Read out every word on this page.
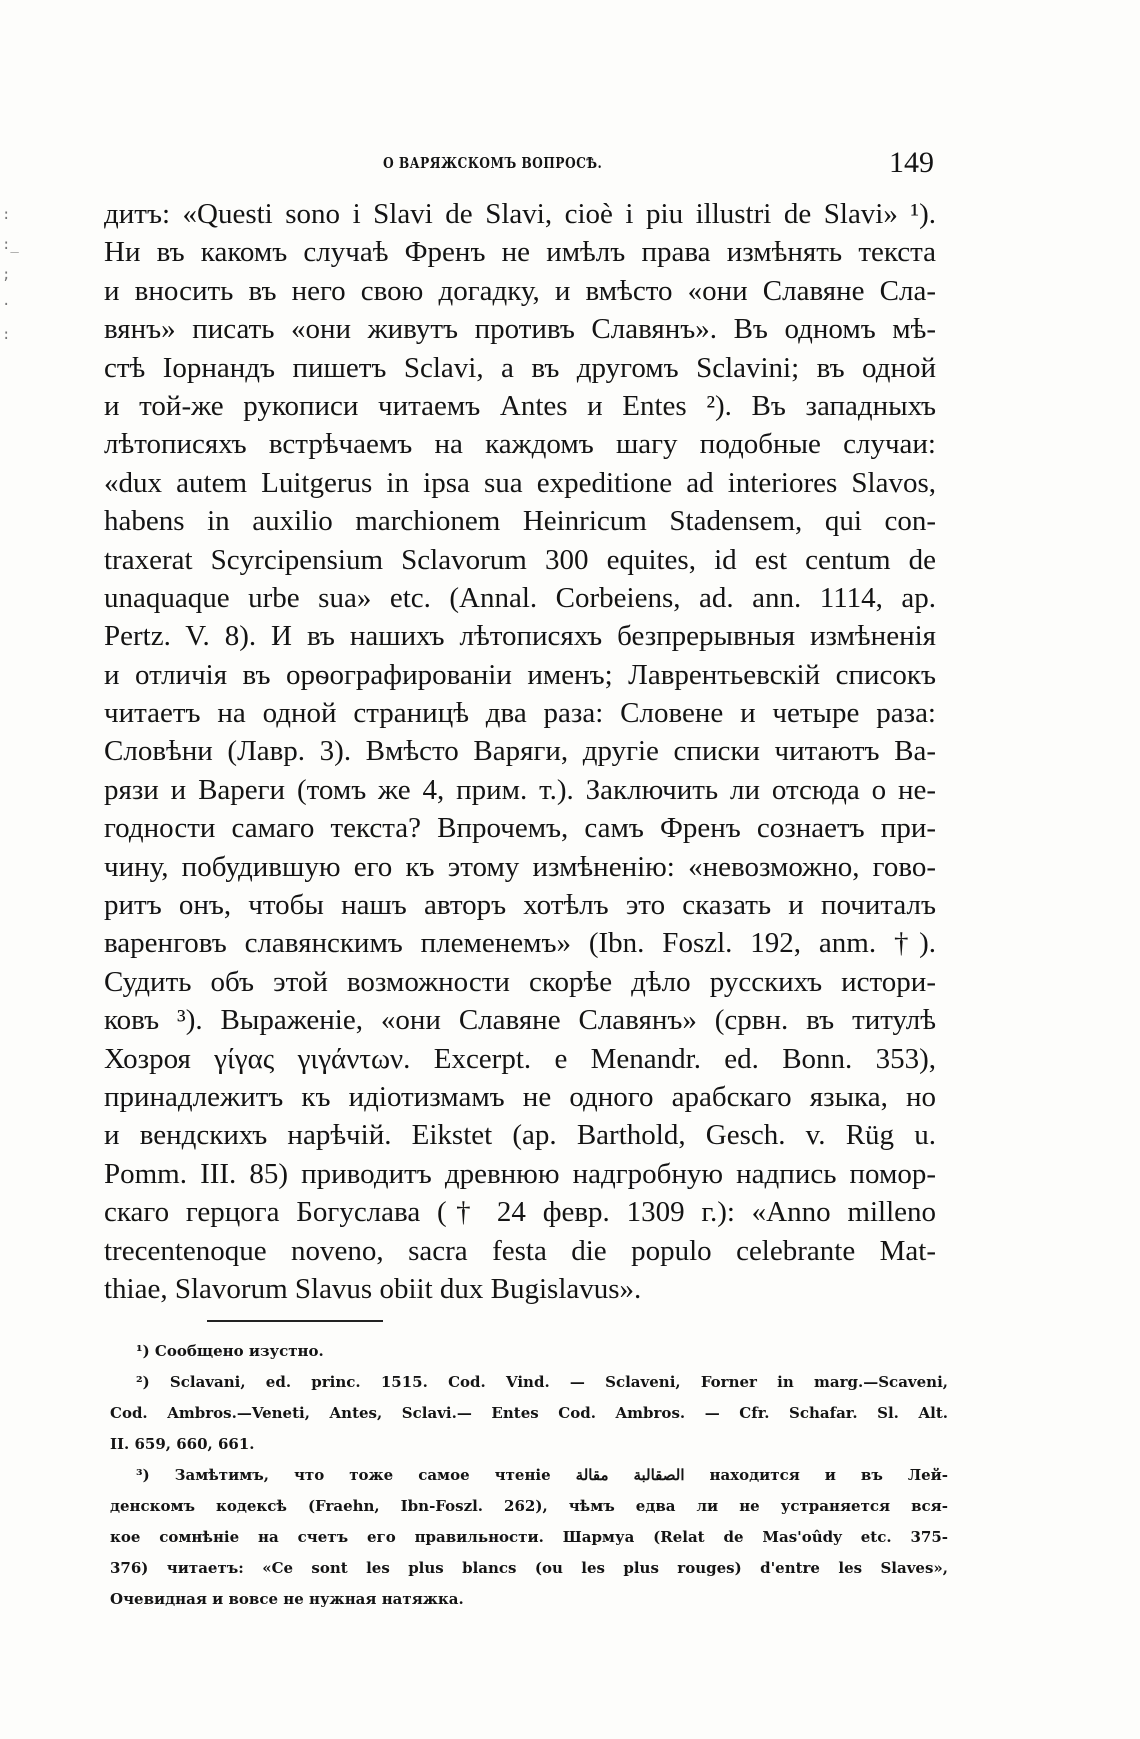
О ВАРЯЖСКОМЪ ВОПРОСѢ.	149
:
:_
;
·
:
дитъ: «Questi sono i Slavi de Slavi, cioè i piu illustri de Slavi» ¹).
Ни въ какомъ случаѣ Френъ не имѣлъ права измѣнять текста
и вносить въ него свою догадку, и вмѣсто «они Славяне Сла-
вянъ» писать «они живутъ противъ Славянъ». Въ одномъ мѣ-
стѣ Iорнандъ пишетъ Sclavi, а въ другомъ Sclavini; въ одной
и той-же рукописи читаемъ Antes и Entes ²). Въ западныхъ
лѣтописяхъ встрѣчаемъ на каждомъ шагу подобные случаи:
«dux autem Luitgerus in ipsa sua expeditione ad interiores Slavos,
habens in auxilio marchionem Heinricum Stadensem, qui con-
traxerat Scyrcipensium Sclavorum 300 equites, id est centum de
unaquaque urbe sua» etc. (Annal. Corbeiens, ad. ann. 1114, ap.
Pertz. V. 8). И въ нашихъ лѣтописяхъ безпрерывныя измѣненія
и отличія въ орѳографированіи именъ; Лаврентьевскій списокъ
читаетъ на одной страницѣ два раза: Словене и четыре раза:
Словѣни (Лавр. 3). Вмѣсто Варяги, другіе списки читаютъ Ва-
рязи и Вареги (томъ же 4, прим. т.). Заключить ли отсюда о не-
годности самаго текста? Впрочемъ, самъ Френъ сознаетъ при-
чину, побудившую его къ этому измѣненію: «невозможно, гово-
ритъ онъ, чтобы нашъ авторъ хотѣлъ это сказать и почиталъ
варенговъ славянскимъ племенемъ» (Ibn. Foszl. 192, anm. †).
Судить объ этой возможности скорѣе дѣло русскихъ истори-
ковъ ³). Выраженіе, «они Славяне Славянъ» (срвн. въ титулѣ
Хозроя γίγας γιγάντων. Excerpt. e Menandr. ed. Bonn. 353),
принадлежитъ къ идіотизмамъ не одного арабскаго языка, но
и вендскихъ нарѣчій. Eikstet (ap. Barthold, Gesch. v. Rüg u.
Pomm. III. 85) приводитъ древнюю надгробную надпись помор-
скаго герцога Богуслава († 24 февр. 1309 г.): «Anno milleno
trecentenoque noveno, sacra festa die populo celebrante Mat-
thiae, Slavorum Slavus obiit dux Bugislavus».
¹) Сообщено изустно.
²) Sclavani, ed. princ. 1515. Cod. Vind. — Sclaveni, Forner in marg.—Scaveni,
Cod. Ambros.—Veneti, Antes, Sclavi.— Entes Cod. Ambros. — Cfr. Schafar. Sl. Alt.
II. 659, 660, 661.
³) Замѣтимъ, что тоже самое чтеніе الصقالبة مقالة находится и въ Лей-
денскомъ кодексѣ (Fraehn, Ibn-Foszl. 262), чѣмъ едва ли не устраняется вся-
кое сомнѣніе на счетъ его правильности. Шармуа (Relat de Mas'oûdy etc. 375-
376) читаетъ: «Ce sont les plus blancs (ou les plus rouges) d'entre les Slaves»,
Очевидная и вовсе не нужная натяжка.
